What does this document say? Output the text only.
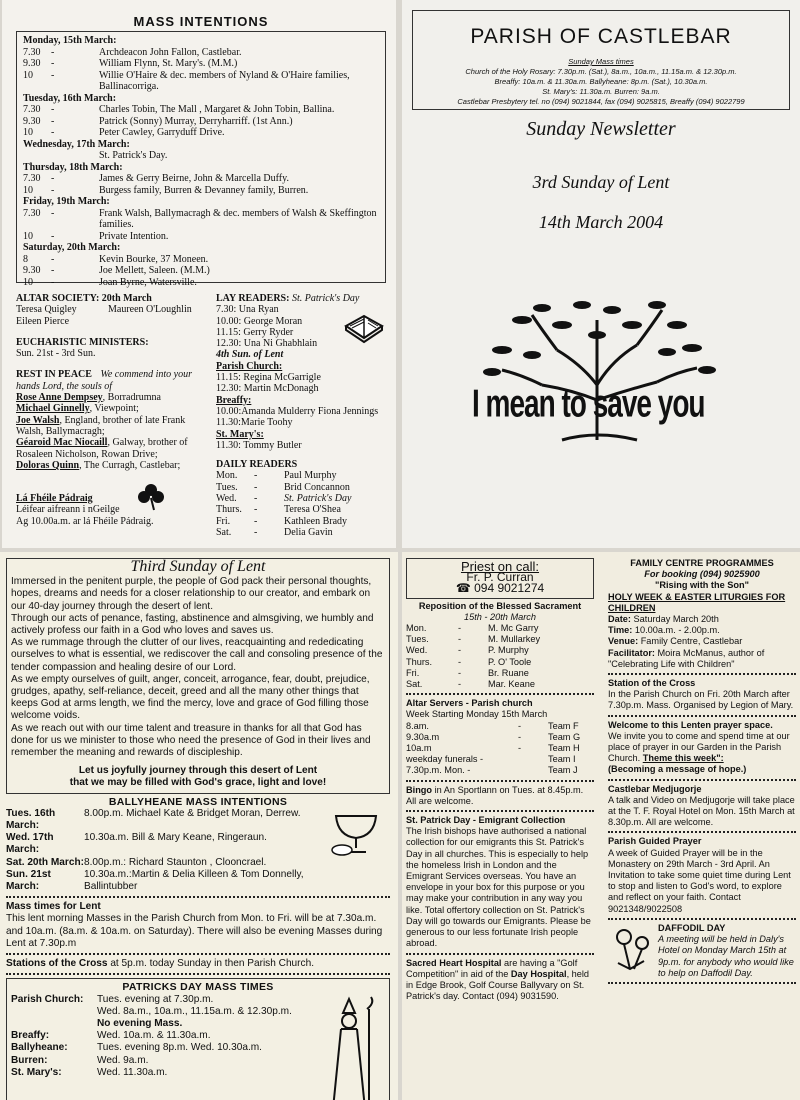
MASS INTENTIONS
Monday, 15th March:
7.30	-	Archdeacon John Fallon, Castlebar.
9.30	-	William Flynn, St. Mary's. (M.M.)
10	-	Willie O'Haire & dec. members of Nyland & O'Haire families, Ballinacorriga.
Tuesday, 16th March:
7.30	-	Charles Tobin, The Mall , Margaret & John Tobin, Ballina.
9.30	-	Patrick (Sonny) Murray, Derryharriff. (1st Ann.)
10	-	Peter Cawley, Garryduff Drive.
Wednesday, 17th March:
St. Patrick's Day.
Thursday, 18th March:
7.30	-	James & Gerry Beirne, John & Marcella Duffy.
10	-	Burgess family, Burren & Devanney family, Burren.
Friday, 19th March:
7.30	-	Frank Walsh, Ballymacragh & dec. members of Walsh & Skeffington families.
10	-	Private Intention.
Saturday, 20th March:
8	-	Kevin Bourke, 37 Moneen.
9.30	-	Joe Mellett, Saleen. (M.M.)
10	-	Joan Byrne, Watersville.
ALTAR SOCIETY: 20th March
Teresa Quigley	Maureen O'Loughlin
Eileen Pierce
EUCHARISTIC MINISTERS:
Sun. 21st - 3rd Sun.
REST IN PEACE We commend into your hands Lord, the souls of
Rose Anne Dempsey, Borradrumna
Michael Ginnelly, Viewpoint;
Joe Walsh, England, brother of late Frank Walsh, Ballymacragh;
Géaroid Mac Niocaill, Galway, brother of Rosaleen Nicholson, Rowan Drive;
Doloras Quinn, The Curragh, Castlebar;
Lá Fhéile Pádraig
Léifear aifreann i nGeilge
Ag 10.00a.m. ar lá Fhéile Pádraig.
LAY READERS: St. Patrick's Day
7.30: Una Ryan
10.00: George Moran
11.15: Gerry Ryder
12.30: Una Ni Ghabhlain
4th Sun. of Lent
Parish Church:
11.15: Regina McGarrigle
12.30: Martin McDonagh
Breaffy:
10.00:Amanda Mulderry Fiona Jennings
11.30:Marie Toohy
St. Mary's:
11.30: Tommy Butler
DAILY READERS
Mon.	-	Paul Murphy
Tues.	-	Brid Concannon
Wed.	-	St. Patrick's Day
Thurs.	-	Teresa O'Shea
Fri.	-	Kathleen Brady
Sat.	-	Delia Gavin
PARISH OF CASTLEBAR
Sunday Mass times
Church of the Holy Rosary: 7.30p.m. (Sat.), 8a.m., 10a.m., 11.15a.m. & 12.30p.m.
Breaffy: 10a.m. & 11.30a.m. Ballyheane: 8p.m. (Sat.), 10.30a.m.
St. Mary's: 11.30a.m. Burren: 9a.m.
Castlebar Presbytery tel. no (094) 9021844, fax (094) 9025815, Breaffy (094) 9022799
Sunday Newsletter
3rd Sunday of Lent
14th March 2004
I mean to save you
Third Sunday of Lent
Immersed in the penitent purple, the people of God pack their personal thoughts, hopes, dreams and needs for a closer relationship to our creator, and embark on our 40-day journey through the desert of lent.
Through our acts of penance, fasting, abstinence and almsgiving, we humbly and actively profess our faith in a God who loves and saves us.
As we rummage through the clutter of our lives, reacquainting and rededicating ourselves to what is essential, we rediscover the call and consoling presence of the tender compassion and healing desire of our Lord.
As we empty ourselves of guilt, anger, conceit, arrogance, fear, doubt, prejudice, grudges, apathy, self-reliance, deceit, greed and all the many other things that keeps God at arms length, we find the mercy, love and grace of God filling those welcome voids.
As we reach out with our time talent and treasure in thanks for all that God has done for us we minister to those who need the presence of God in their lives and remember the meaning and rewards of discipleship.
Let us joyfully journey through this desert of Lent
that we may be filled with God's grace, light and love!
BALLYHEANE MASS INTENTIONS
Tues. 16th March:
8.00p.m. Michael Kate & Bridget Moran, Derrew.
Wed. 17th March:
10.30a.m. Bill & Mary Keane, Ringeraun.
Sat. 20th March: 8.00p.m.: Richard Staunton , Clooncrael.
Sun. 21st March:
10.30a.m.:Martin & Delia Killeen & Tom Donnelly, Ballintubber
Mass times for Lent
This lent morning Masses in the Parish Church from Mon. to Fri. will be at 7.30a.m. and 10a.m. (8a.m. & 10a.m. on Saturday). There will also be evening Masses during Lent at 7.30p.m
Stations of the Cross at 5p.m. today Sunday in then Parish Church.
PATRICKS DAY MASS TIMES
Parish Church:	Tues. evening at 7.30p.m.
Wed. 8a.m., 10a.m., 11.15a.m. & 12.30p.m.
No evening Mass.
Breaffy:	Wed. 10a.m. & 11.30a.m.
Ballyheane:	Tues. evening 8p.m. Wed. 10.30a.m.
Burren:	Wed. 9a.m.
St. Mary's:	Wed. 11.30a.m.
Priest on call:
Fr. P. Curran
☎ 094 9021274
Reposition of the Blessed Sacrament
15th - 20th March
Mon.	-	M. Mc Garry
Tues.	-	M. Mullarkey
Wed.	-	P. Murphy
Thurs.	-	P. O' Toole
Fri.	-	Br. Ruane
Sat.	-	Mar. Keane
Altar Servers - Parish church
Week Starting Monday 15th March
8.am.	-	Team F
9.30a.m	-	Team G
10a.m	-	Team H
weekday funerals -	Team I
7.30p.m. Mon. -	Team J
Bingo in An Sportlann on Tues. at 8.45p.m. All are welcome.
St. Patrick Day - Emigrant Collection
The Irish bishops have authorised a national collection for our emigrants this St. Patrick's Day in all churches. This is especially to help the homeless Irish in London and the Emigrant Services overseas. You have an envelope in your box for this purpose or you may make your contribution in any way you like. Total offertory collection on St. Patrick's Day will go towards our Emigrants. Please be generous to our less fortunate Irish people abroad.
Sacred Heart Hospital are having a "Golf Competition" in aid of the Day Hospital, held in Edge Brook, Golf Course Ballyvary on St. Patrick's day. Contact (094) 9031590.
FAMILY CENTRE PROGRAMMES
For booking (094) 9025900
"Rising with the Son"
HOLY WEEK & EASTER LITURGIES FOR CHILDREN
Date: Saturday March 20th
Time: 10.00a.m. - 2.00p.m.
Venue: Family Centre, Castlebar
Facilitator: Moira McManus, author of "Celebrating Life with Children"
Station of the Cross
In the Parish Church on Fri. 20th March after 7.30p.m. Mass. Organised by Legion of Mary.
Welcome to this Lenten prayer space.
We invite you to come and spend time at our place of prayer in our Garden in the Parish Church. Theme this week":
(Becoming a message of hope.)
Castlebar Medjugorje
A talk and Video on Medjugorje will take place at the T. F. Royal Hotel on Mon. 15th March at 8.30p.m. All are welcome.
Parish Guided Prayer
A week of Guided Prayer will be in the Monastery on 29th March - 3rd April. An Invitation to take some quiet time during Lent to stop and listen to God's word, to explore and reflect on your faith. Contact 9021348/9022508
DAFFODIL DAY
A meeting will be held in Daly's Hotel on Monday March 15th at 9p.m. for anybody who would like to help on Daffodil Day.
